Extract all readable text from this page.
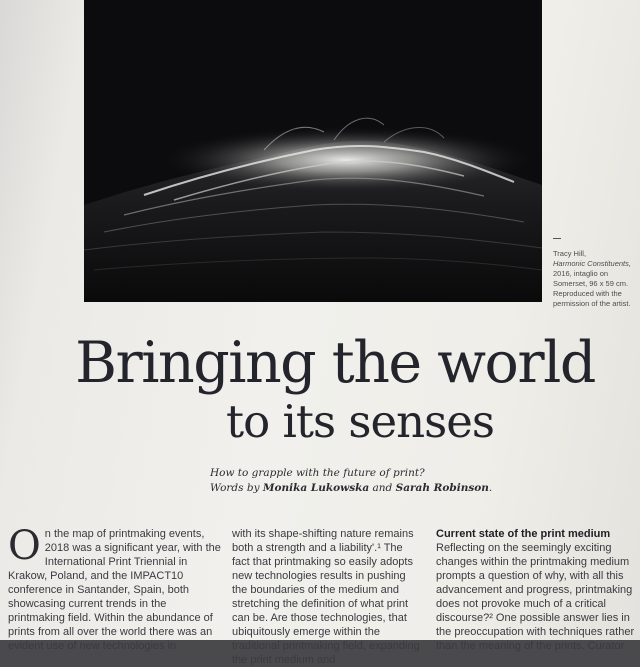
Tracy Hill,
Harmonic Constituents, 2016, intaglio on Somerset, 96 x 59 cm. Reproduced with the permission of the artist.
Bringing the world
to its senses
How to grapple with the future of print?
Words by Monika Lukowska and Sarah Robinson.
On the map of printmaking events, 2018 was a significant year, with the International Print Triennial in Krakow, Poland, and the IMPACT10 conference in Santander, Spain, both showcasing current trends in the printmaking field. Within the abundance of prints from all over the world there was an evident use of new technologies in
with its shape-shifting nature remains both a strength and a liability'.¹ The fact that printmaking so easily adopts new technologies results in pushing the boundaries of the medium and stretching the definition of what print can be. Are those technologies, that ubiquitously emerge within the traditional printmaking field, expanding the print medium and
Current state of the print medium
Reflecting on the seemingly exciting changes within the printmaking medium prompts a question of why, with all this advancement and progress, printmaking does not provoke much of a critical discourse?² One possible answer lies in the preoccupation with techniques rather than the meaning of the prints. Curator
